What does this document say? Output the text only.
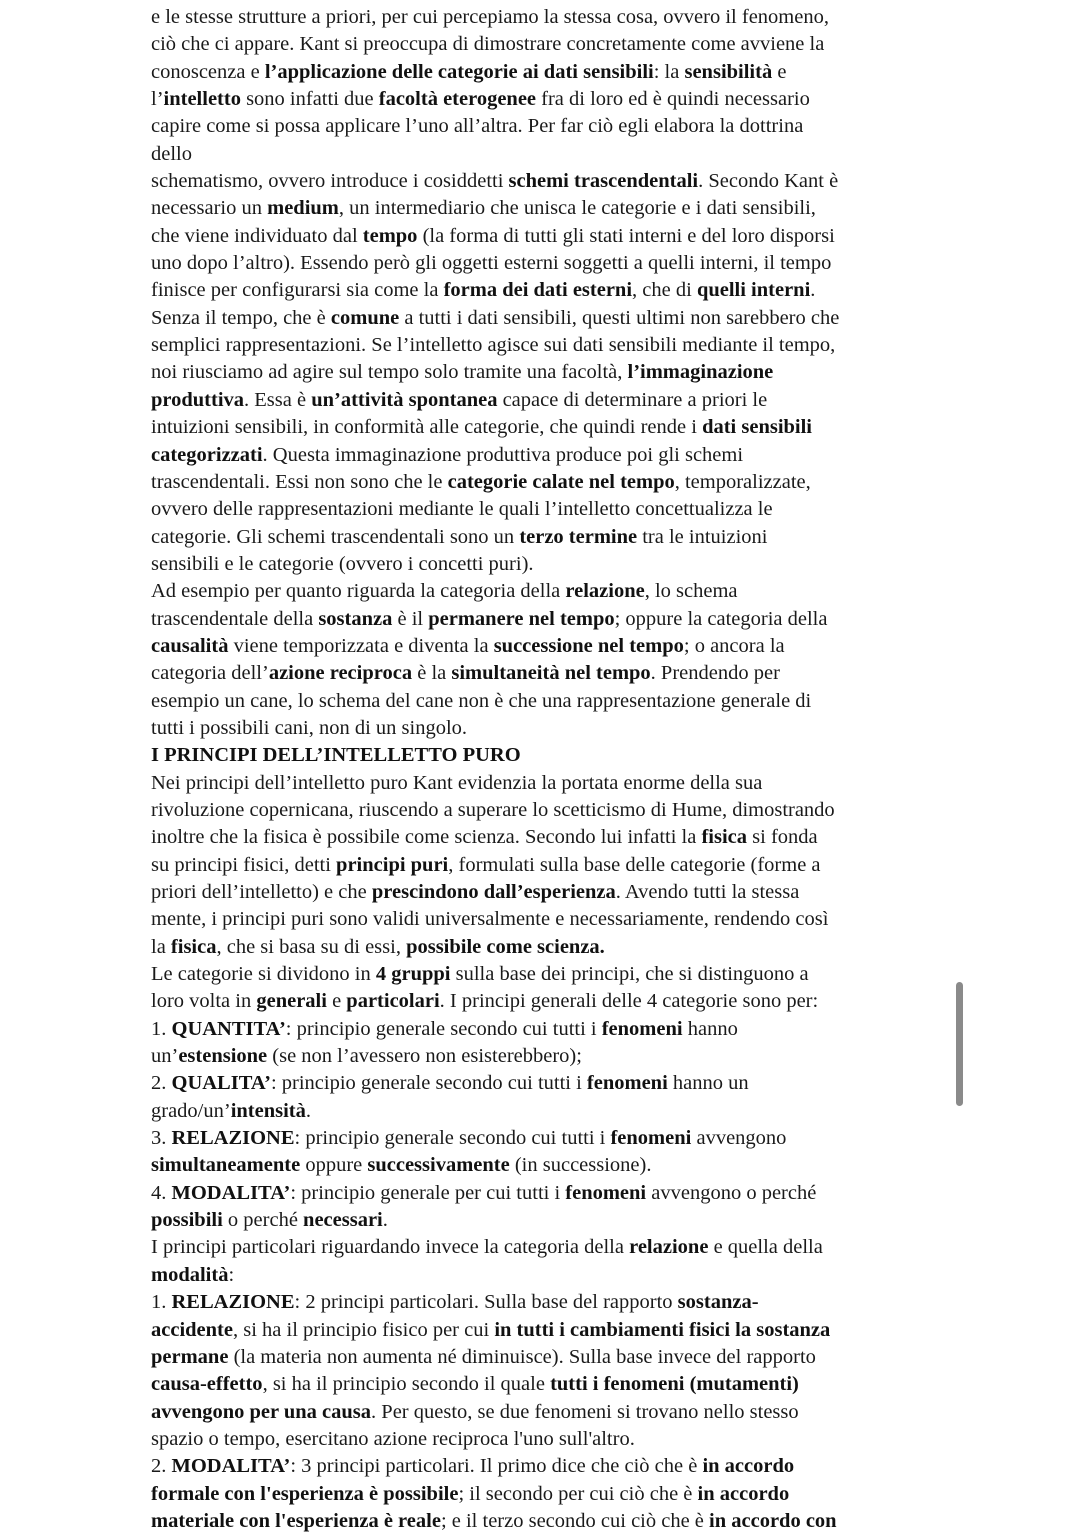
e le stesse strutture a priori, per cui percepiamo la stessa cosa, ovvero il fenomeno,
ciò che ci appare. Kant si preoccupa di dimostrare concretamente come avviene la
conoscenza e l’applicazione delle categorie ai dati sensibili: la sensibilità e
l’intelletto sono infatti due facoltà eterogenee fra di loro ed è quindi necessario
capire come si possa applicare l’uno all’altra. Per far ciò egli elabora la dottrina
dello
schematismo, ovvero introduce i cosiddetti schemi trascendentali. Secondo Kant è
necessario un medium, un intermediario che unisca le categorie e i dati sensibili,
che viene individuato dal tempo (la forma di tutti gli stati interni e del loro disporsi
uno dopo l’altro). Essendo però gli oggetti esterni soggetti a quelli interni, il tempo
finisce per configurarsi sia come la forma dei dati esterni, che di quelli interni.
Senza il tempo, che è comune a tutti i dati sensibili, questi ultimi non sarebbero che
semplici rappresentazioni. Se l’intelletto agisce sui dati sensibili mediante il tempo,
noi riusciamo ad agire sul tempo solo tramite una facoltà, l’immaginazione
produttiva. Essa è un’attività spontanea capace di determinare a priori le
intuizioni sensibili, in conformità alle categorie, che quindi rende i dati sensibili
categorizzati. Questa immaginazione produttiva produce poi gli schemi
trascendentali. Essi non sono che le categorie calate nel tempo, temporalizzate,
ovvero delle rappresentazioni mediante le quali l’intelletto concettualizza le
categorie. Gli schemi trascendentali sono un terzo termine tra le intuizioni
sensibili e le categorie (ovvero i concetti puri).
Ad esempio per quanto riguarda la categoria della relazione, lo schema
trascendentale della sostanza è il permanere nel tempo; oppure la categoria della
causalità viene temporizzata e diventa la successione nel tempo; o ancora la
categoria dell’azione reciproca è la simultaneità nel tempo. Prendendo per
esempio un cane, lo schema del cane non è che una rappresentazione generale di
tutti i possibili cani, non di un singolo.
I PRINCIPI DELL’INTELLETTO PURO
Nei principi dell’intelletto puro Kant evidenzia la portata enorme della sua
rivoluzione copernicana, riuscendo a superare lo scetticismo di Hume, dimostrando
inoltre che la fisica è possibile come scienza. Secondo lui infatti la fisica si fonda
su principi fisici, detti principi puri, formulati sulla base delle categorie (forme a
priori dell’intelletto) e che prescindono dall’esperienza. Avendo tutti la stessa
mente, i principi puri sono validi universalmente e necessariamente, rendendo così
la fisica, che si basa su di essi, possibile come scienza.
Le categorie si dividono in 4 gruppi sulla base dei principi, che si distinguono a
loro volta in generali e particolari. I principi generali delle 4 categorie sono per:
1. QUANTITA’: principio generale secondo cui tutti i fenomeni hanno
un’estensione (se non l’avessero non esisterebbero);
2. QUALITA’: principio generale secondo cui tutti i fenomeni hanno un
grado/un’intensità.
3. RELAZIONE: principio generale secondo cui tutti i fenomeni avvengono
simultaneamente oppure successivamente (in successione).
4. MODALITA’: principio generale per cui tutti i fenomeni avvengono o perché
possibili o perché necessari.
I principi particolari riguardando invece la categoria della relazione e quella della
modalità:
1. RELAZIONE: 2 principi particolari. Sulla base del rapporto sostanza-
accidente, si ha il principio fisico per cui in tutti i cambiamenti fisici la sostanza
permane (la materia non aumenta né diminuisce). Sulla base invece del rapporto
causa-effetto, si ha il principio secondo il quale tutti i fenomeni (mutamenti)
avvengono per una causa. Per questo, se due fenomeni si trovano nello stesso
spazio o tempo, esercitano azione reciproca l'uno sull'altro.
2. MODALITA’: 3 principi particolari. Il primo dice che ciò che è in accordo
formale con l'esperienza è possibile; il secondo per cui ciò che è in accordo
materiale con l'esperienza è reale; e il terzo secondo cui ciò che è in accordo con
